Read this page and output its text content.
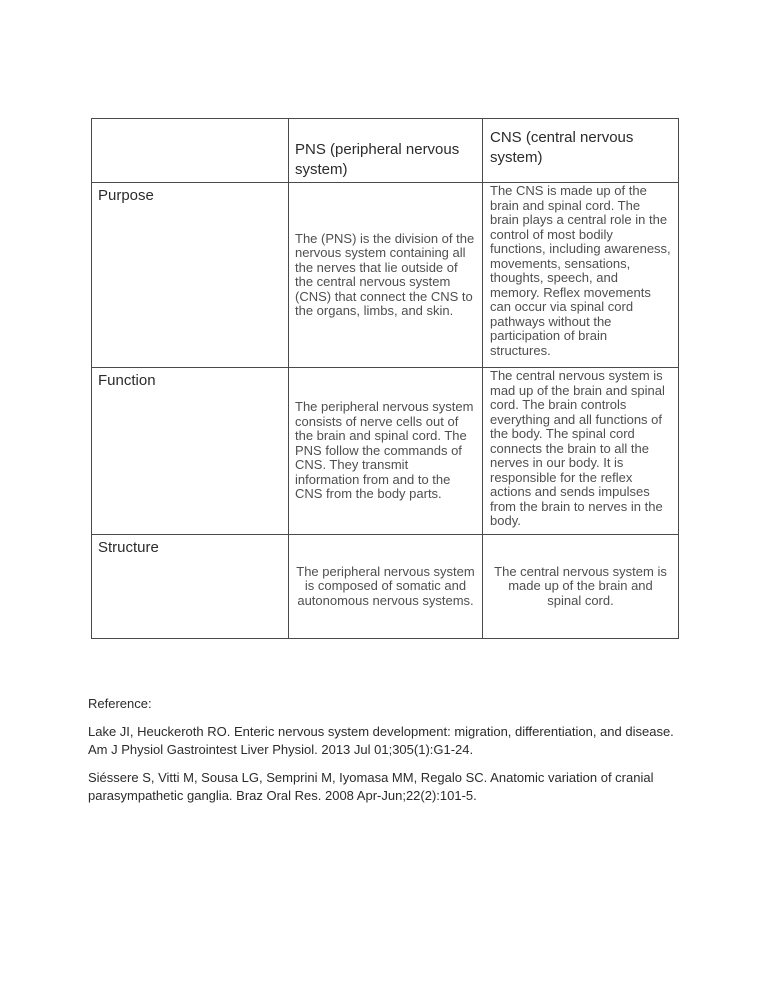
	PNS (peripheral nervous system)	CNS (central nervous system)
Purpose	The (PNS) is the division of the nervous system containing all the nerves that lie outside of the central nervous system (CNS) that connect the CNS to the organs, limbs, and skin.	The CNS is made up of the brain and spinal cord. The brain plays a central role in the control of most bodily functions, including awareness, movements, sensations, thoughts, speech, and memory. Reflex movements can occur via spinal cord pathways without the participation of brain structures.
Function	The peripheral nervous system consists of nerve cells out of the brain and spinal cord. The PNS follow the commands of CNS. They transmit information from and to the CNS from the body parts.	The central nervous system is mad up of the brain and spinal cord. The brain controls everything and all functions of the body. The spinal cord connects the brain to all the nerves in our body. It is responsible for the reflex actions and sends impulses from the brain to nerves in the body.
Structure	The peripheral nervous system is composed of somatic and autonomous nervous systems.	The central nervous system is made up of the brain and spinal cord.

Reference:

Lake JI, Heuckeroth RO. Enteric nervous system development: migration, differentiation, and disease. Am J Physiol Gastrointest Liver Physiol. 2013 Jul 01;305(1):G1-24.

Siéssere S, Vitti M, Sousa LG, Semprini M, Iyomasa MM, Regalo SC. Anatomic variation of cranial parasympathetic ganglia. Braz Oral Res. 2008 Apr-Jun;22(2):101-5.
